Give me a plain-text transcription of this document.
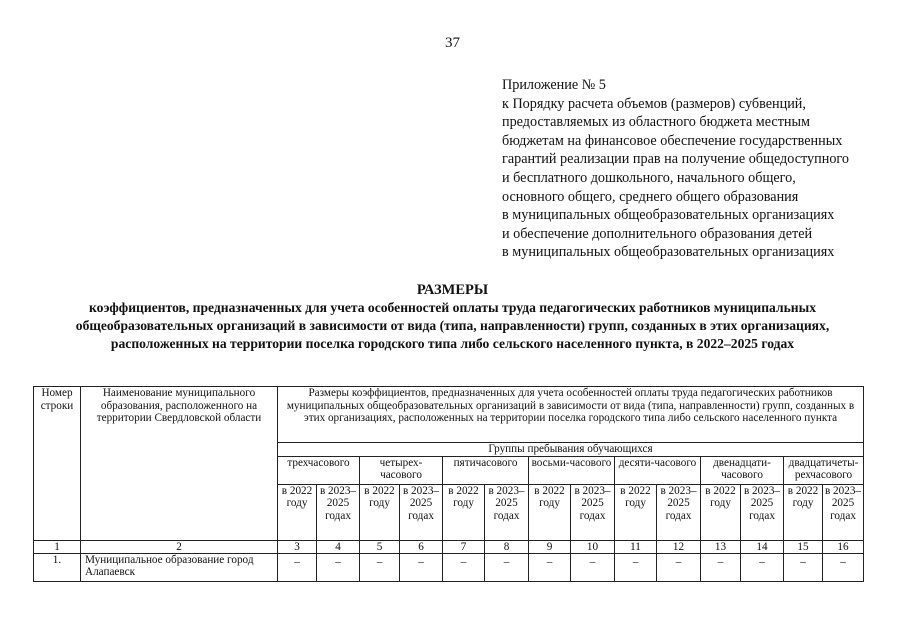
37
Приложение № 5
к Порядку расчета объемов (размеров) субвенций,
предоставляемых из областного бюджета местным
бюджетам на финансовое обеспечение государственных
гарантий реализации прав на получение общедоступного
и бесплатного дошкольного, начального общего,
основного общего, среднего общего образования
в муниципальных общеобразовательных организациях
и обеспечение дополнительного образования детей
в муниципальных общеобразовательных организациях
РАЗМЕРЫ
коэффициентов, предназначенных для учета особенностей оплаты труда педагогических работников муниципальных
общеобразовательных организаций в зависимости от вида (типа, направленности) групп, созданных в этих организациях,
расположенных на территории поселка городского типа либо сельского населенного пункта, в 2022–2025 годах
Номер строки	Наименование муниципального образования, расположенного на территории Свердловской области	Размеры коэффициентов, предназначенных для учета особенностей оплаты труда педагогических работников муниципальных общеобразовательных организаций в зависимости от вида (типа, направленности) групп, созданных в этих организациях, расположенных на территории поселка городского типа либо сельского населенного пункта													
		Группы пребывания обучающихся													
		трехчасового		четырех-часового		пятичасового		восьми-часового		десяти-часового		двенадцати-часового		двадцатичеты-рехчасового	
		в 2022 году	в 2023–2025 годах	в 2022 году	в 2023–2025 годах	в 2022 году	в 2023–2025 годах	в 2022 году	в 2023–2025 годах	в 2022 году	в 2023–2025 годах	в 2022 году	в 2023–2025 годах	в 2022 году	в 2023–2025 годах
1	2	3	4	5	6	7	8	9	10	11	12	13	14	15	16
1.	Муниципальное образование город Алапаевск	–	–	–	–	–	–	–	–	–	–	–	–	–	–
